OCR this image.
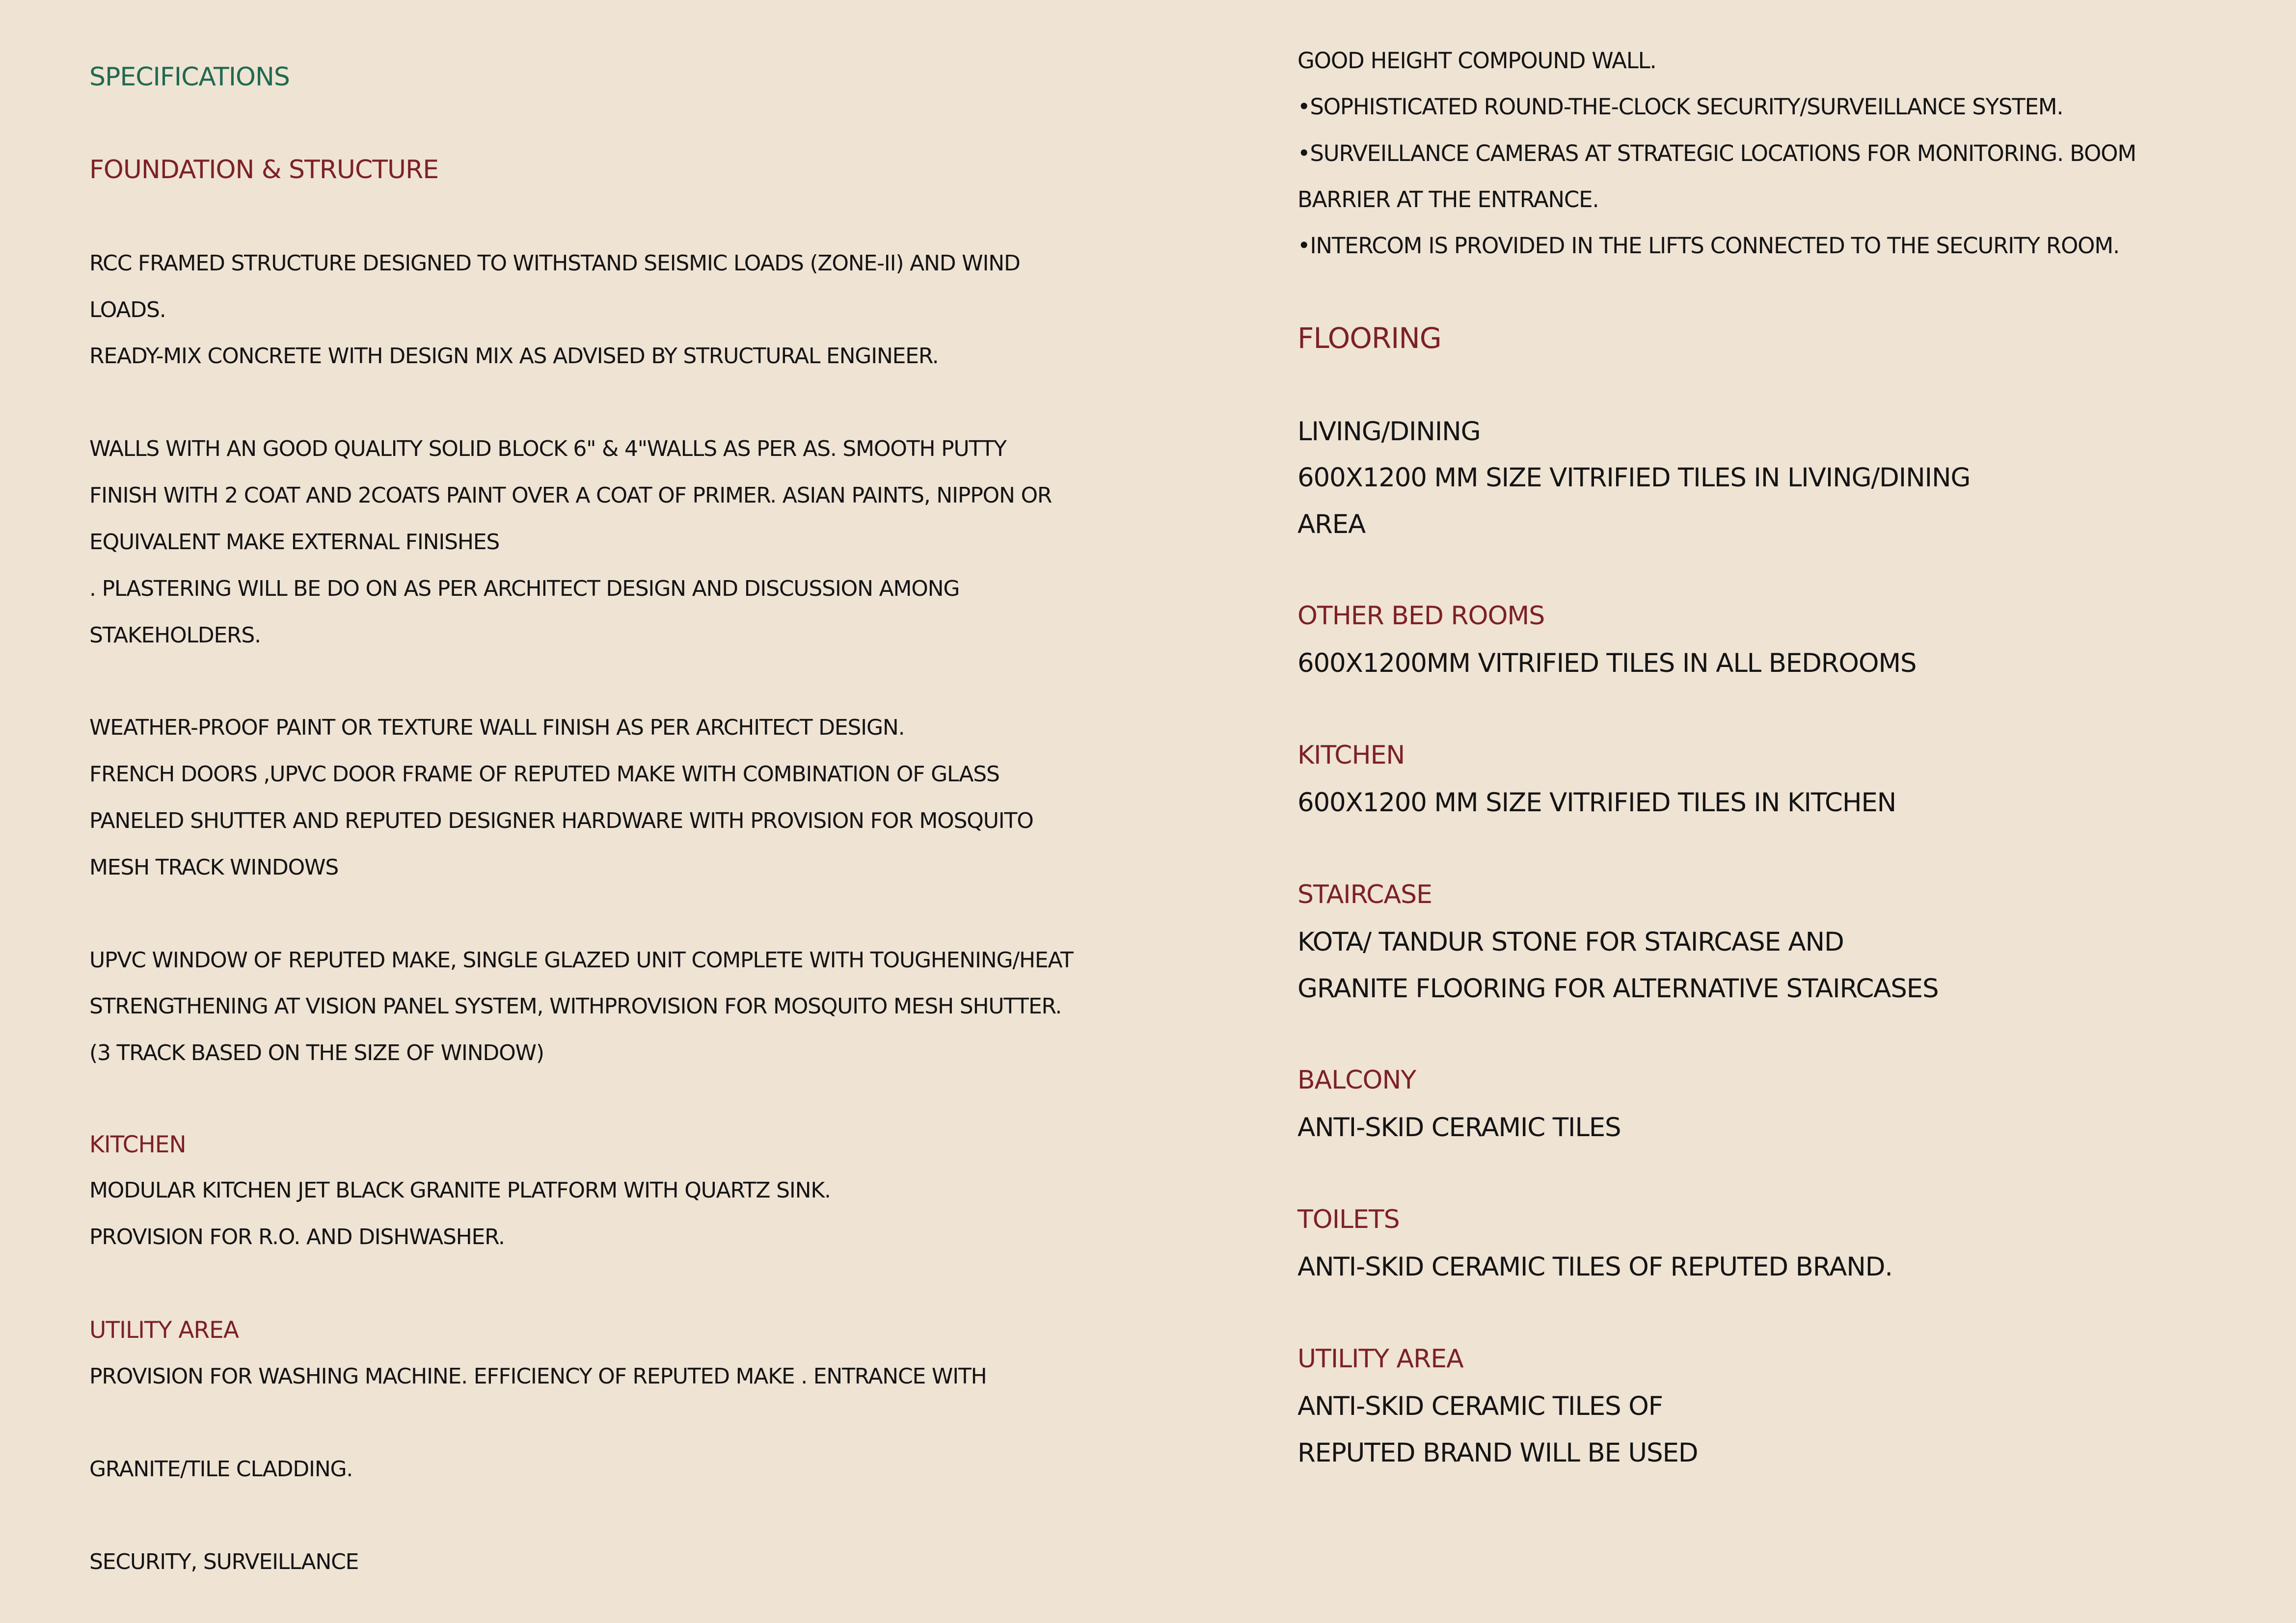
SPECIFICATIONS
FOUNDATION & STRUCTURE
RCC FRAMED STRUCTURE DESIGNED TO WITHSTAND SEISMIC LOADS (ZONE-II) AND WIND
LOADS.
READY-MIX CONCRETE WITH DESIGN MIX AS ADVISED BY STRUCTURAL ENGINEER.
WALLS WITH AN GOOD QUALITY SOLID BLOCK 6" & 4"WALLS AS PER AS. SMOOTH PUTTY
FINISH WITH 2 COAT AND 2COATS PAINT OVER A COAT OF PRIMER. ASIAN PAINTS, NIPPON OR
EQUIVALENT MAKE EXTERNAL FINISHES
. PLASTERING WILL BE DO ON AS PER ARCHITECT DESIGN AND DISCUSSION AMONG
STAKEHOLDERS.
WEATHER-PROOF PAINT OR TEXTURE WALL FINISH AS PER ARCHITECT DESIGN.
FRENCH DOORS ,UPVC DOOR FRAME OF REPUTED MAKE WITH COMBINATION OF GLASS
PANELED SHUTTER AND REPUTED DESIGNER HARDWARE WITH PROVISION FOR MOSQUITO
MESH TRACK WINDOWS
UPVC WINDOW OF REPUTED MAKE, SINGLE GLAZED UNIT COMPLETE WITH TOUGHENING/HEAT
STRENGTHENING AT VISION PANEL SYSTEM, WITHPROVISION FOR MOSQUITO MESH SHUTTER.
(3 TRACK BASED ON THE SIZE OF WINDOW)
KITCHEN
MODULAR KITCHEN JET BLACK GRANITE PLATFORM WITH QUARTZ SINK.
PROVISION FOR R.O. AND DISHWASHER.
UTILITY AREA
PROVISION FOR WASHING MACHINE. EFFICIENCY OF REPUTED MAKE . ENTRANCE WITH
GRANITE/TILE CLADDING.
SECURITY, SURVEILLANCE
GOOD HEIGHT COMPOUND WALL.
•SOPHISTICATED ROUND-THE-CLOCK SECURITY/SURVEILLANCE SYSTEM.
•SURVEILLANCE CAMERAS AT STRATEGIC LOCATIONS FOR MONITORING. BOOM
BARRIER AT THE ENTRANCE.
•INTERCOM IS PROVIDED IN THE LIFTS CONNECTED TO THE SECURITY ROOM.
FLOORING
LIVING/DINING
600X1200 MM SIZE VITRIFIED TILES IN LIVING/DINING
AREA
OTHER BED ROOMS
600X1200MM VITRIFIED TILES IN ALL BEDROOMS
KITCHEN
600X1200 MM SIZE VITRIFIED TILES IN KITCHEN
STAIRCASE
KOTA/ TANDUR STONE FOR STAIRCASE AND
GRANITE FLOORING FOR ALTERNATIVE STAIRCASES
BALCONY
ANTI-SKID CERAMIC TILES
TOILETS
ANTI-SKID CERAMIC TILES OF REPUTED BRAND.
UTILITY AREA
ANTI-SKID CERAMIC TILES OF
REPUTED BRAND WILL BE USED
